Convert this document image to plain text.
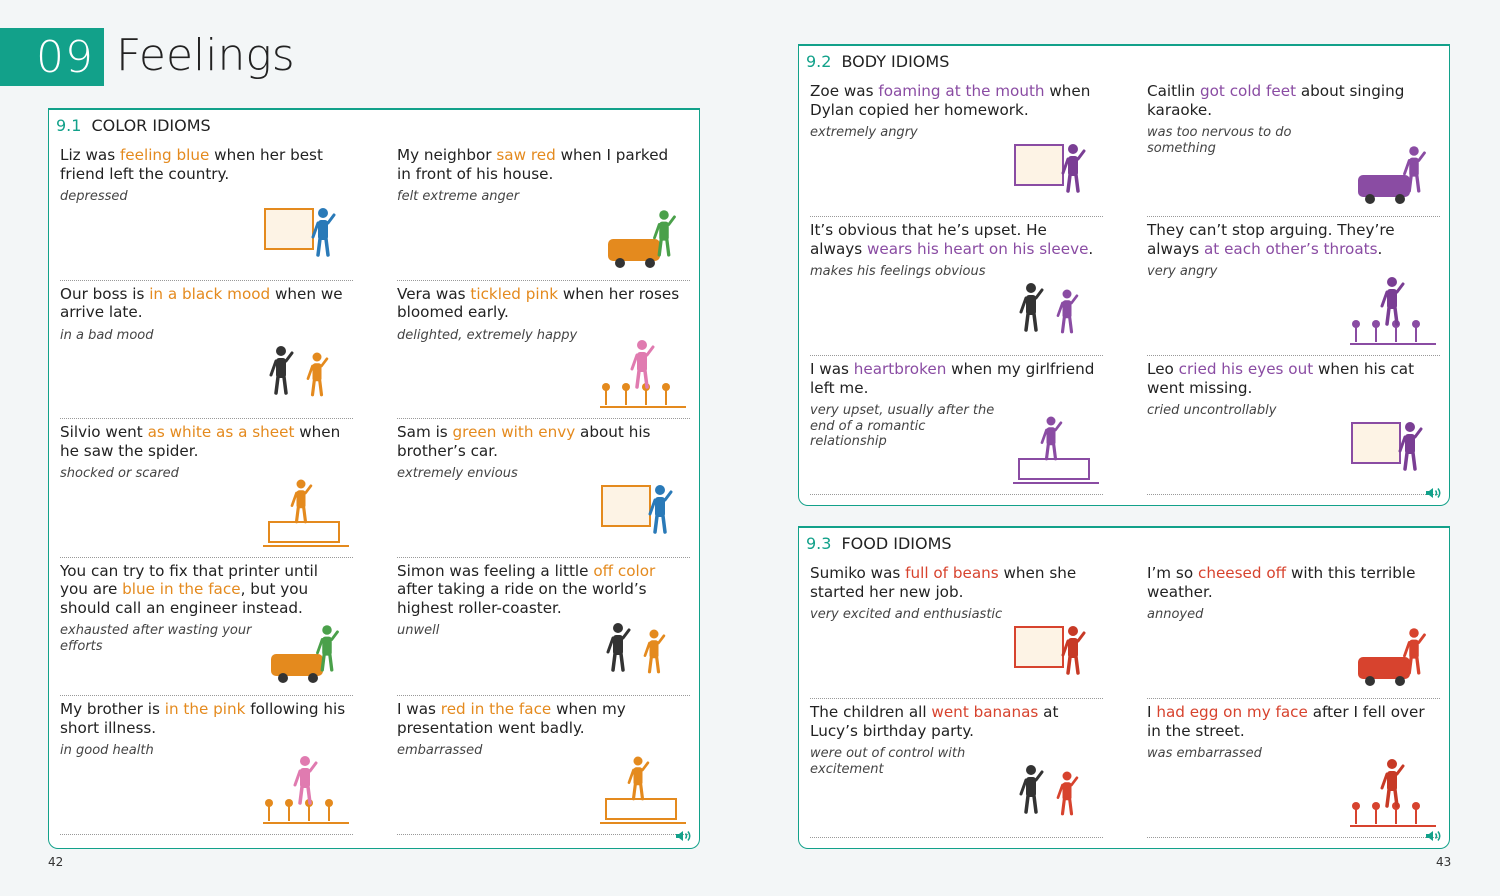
09 Feelings
9.1 COLOR IDIOMS
Liz was feeling blue when her best friend left the country.
depressed
My neighbor saw red when I parked in front of his house.
felt extreme anger
Our boss is in a black mood when we arrive late.
in a bad mood
Vera was tickled pink when her roses bloomed early.
delighted, extremely happy
Silvio went as white as a sheet when he saw the spider.
shocked or scared
Sam is green with envy about his brother’s car.
extremely envious
You can try to fix that printer until you are blue in the face, but you should call an engineer instead.
exhausted after wasting your efforts
Simon was feeling a little off color after taking a ride on the world’s highest roller-coaster.
unwell
My brother is in the pink following his short illness.
in good health
I was red in the face when my presentation went badly.
embarrassed
9.2 BODY IDIOMS
Zoe was foaming at the mouth when Dylan copied her homework.
extremely angry
Caitlin got cold feet about singing karaoke.
was too nervous to do something
It’s obvious that he’s upset. He always wears his heart on his sleeve.
makes his feelings obvious
They can’t stop arguing. They’re always at each other’s throats.
very angry
I was heartbroken when my girlfriend left me.
very upset, usually after the end of a romantic relationship
Leo cried his eyes out when his cat went missing.
cried uncontrollably
9.3 FOOD IDIOMS
Sumiko was full of beans when she started her new job.
very excited and enthusiastic
I’m so cheesed off with this terrible weather.
annoyed
The children all went bananas at Lucy’s birthday party.
were out of control with excitement
I had egg on my face after I fell over in the street.
was embarrassed
42	43
